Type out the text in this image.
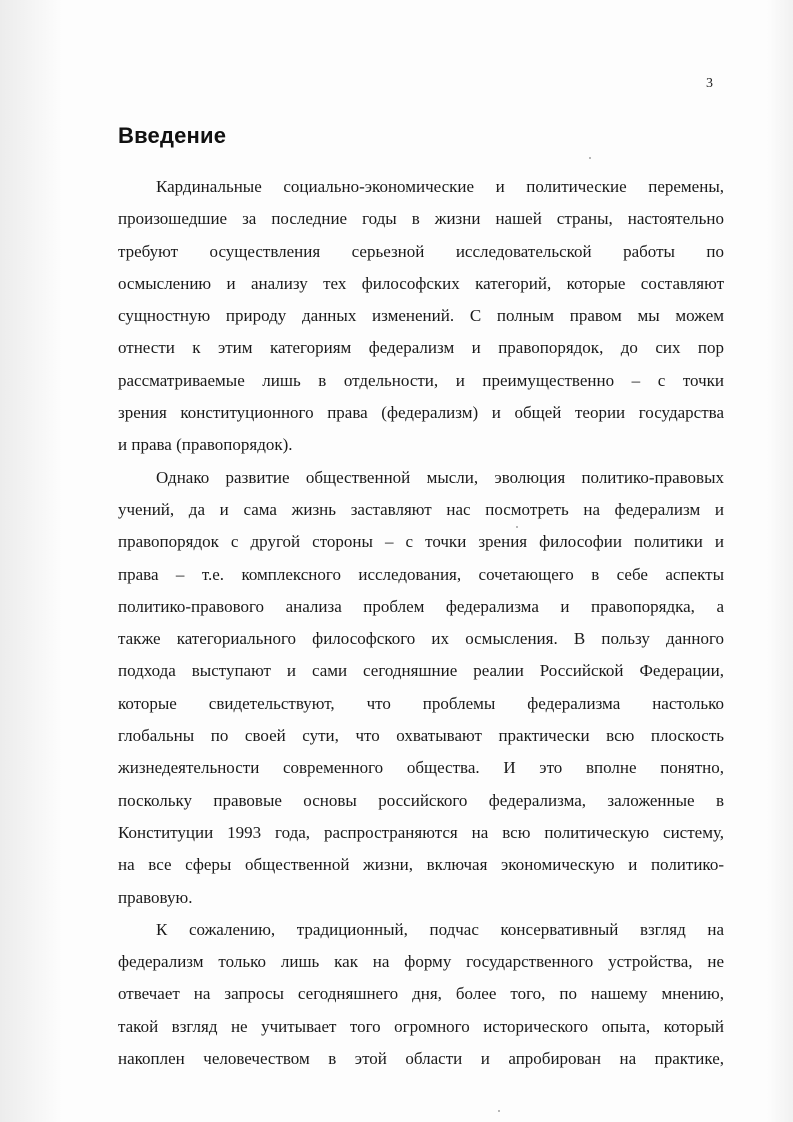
3
Введение

Кардинальные социально-экономические и политические перемены,
произошедшие за последние годы в жизни нашей страны, настоятельно
требуют осуществления серьезной исследовательской работы по
осмыслению и анализу тех философских категорий, которые составляют
сущностную природу данных изменений. С полным правом мы можем
отнести к этим категориям федерализм и правопорядок, до сих пор
рассматриваемые лишь в отдельности, и преимущественно – с точки
зрения конституционного права (федерализм) и общей теории государства
и права (правопорядок).

Однако развитие общественной мысли, эволюция политико-правовых
учений, да и сама жизнь заставляют нас посмотреть на федерализм и
правопорядок с другой стороны – с точки зрения философии политики и
права – т.е. комплексного исследования, сочетающего в себе аспекты
политико-правового анализа проблем федерализма и правопорядка, а
также категориального философского их осмысления. В пользу данного
подхода выступают и сами сегодняшние реалии Российской Федерации,
которые свидетельствуют, что проблемы федерализма настолько
глобальны по своей сути, что охватывают практически всю плоскость
жизнедеятельности современного общества. И это вполне понятно,
поскольку правовые основы российского федерализма, заложенные в
Конституции 1993 года, распространяются на всю политическую систему,
на все сферы общественной жизни, включая экономическую и политико-
правовую.

К сожалению, традиционный, подчас консервативный взгляд на
федерализм только лишь как на форму государственного устройства, не
отвечает на запросы сегодняшнего дня, более того, по нашему мнению,
такой взгляд не учитывает того огромного исторического опыта, который
накоплен человечеством в этой области и апробирован на практике,
